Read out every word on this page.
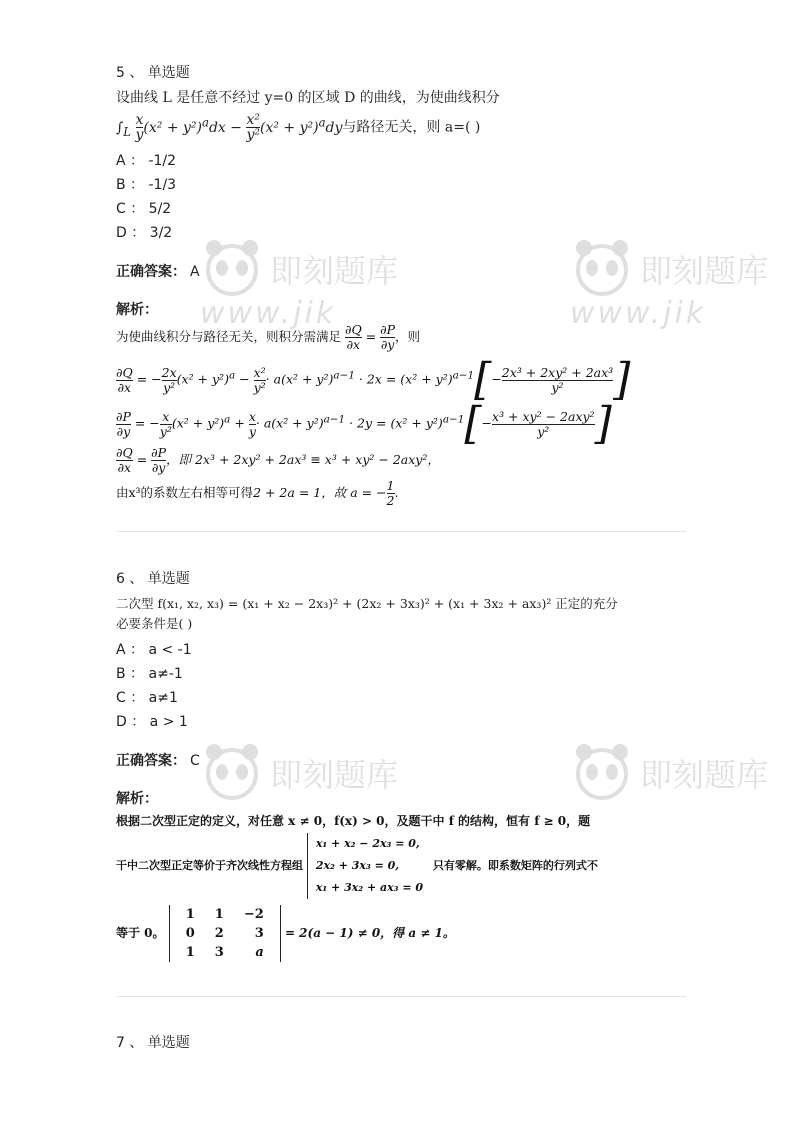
即刻题库
www.jik
即刻题库
www.jik
即刻题库	即刻题库
5 、 单选题
设曲线 L 是任意不经过 y=0 的区域 D 的曲线，为使曲线积分
$\int_L \frac{x}{y} (x^2 + y^2)^adx - \frac{\text{x²}}{\text{y²}} (x^2 + y^2)^ady$与路径无关，则 a=( )
A ： -1/2
B ： -1/3
C ： 5/2
D ： 3/2
正确答案： A
解析：
为使曲线积分与路径无关，则积分需满足 $\frac{\partial Q}{\partial x} = \frac{\partial P}{\partial y}$ ，则
$\frac{\partial Q}{\partial x}$ = − $\frac{2x}{\text{y²}} (x^2 + y^2)^a - \frac{\text{x²}}{\text{y²}} \cdot a(x^2 + y^2)^{a-1} \cdot 2x = (x^2 + y^2)^{a-1}[- \frac{\text{2x³ + 2xy² + 2ax³}}{\text{y²}}$ ]
$\frac{\partial P}{\partial y}$ = − $\frac{x}{\text{y²}} (x^2 + y^2)^a + \frac{x}{y} \cdot a(x^2 + y^2)^{a-1} \cdot 2y = (x^2 + y^2)^{a-1}[- \frac{\text{x³ + xy² − 2axy²}}{\text{y²}}$ ]
$\frac{\partial Q}{\partial x} = \frac{\partial P}{\partial y}$ ，即 2x³ + 2xy² + 2ax³ ≡ x³ + xy² − 2axy²，
由x³的系数左右相等可得2 + 2a = 1，故 a = − $\frac{1}{2}$ .
6 、 单选题
二次型 f(x₁, x₂, x₃) = (x₁ + x₂ − 2x₃)² + (2x₂ + 3x₃)² + (x₁ + 3x₂ + ax₃)² 正定的充分
必要条件是( )
A ： a < -1
B ： a≠-1
C ： a≠1
D ： a > 1
正确答案： C
解析：
根据二次型正定的定义，对任意 x ≠ 0，f(x) > 0，及题干中 f 的结构，恒有 f ≥ 0，题
干中二次型正定等价于齐次线性方程组
x₁ + x₂ − 2x₃ = 0,
2x₂ + 3x₃ = 0,
x₁ + 3x₂ + ax₃ = 0
只有零解。即系数矩阵的行列式不
等于 0。
1	1	−2
0	2	3
1	3	a
= 2(a − 1) ≠ 0，得 a ≠ 1。
7 、 单选题
